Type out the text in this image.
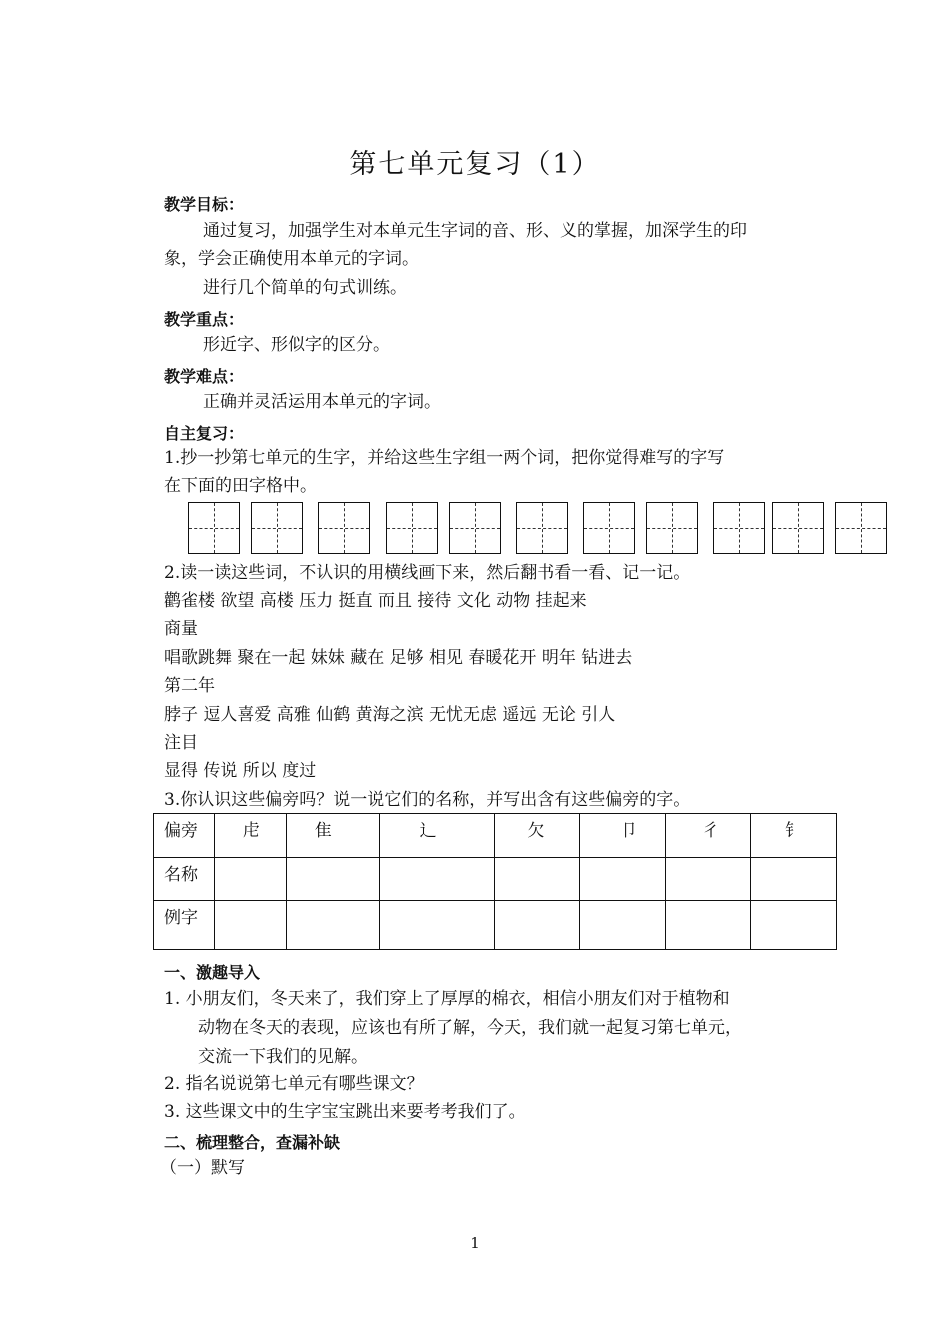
第七单元复习（1）
教学目标：
通过复习，加强学生对本单元生字词的音、形、义的掌握，加深学生的印
象，学会正确使用本单元的字词。
进行几个简单的句式训练。
教学重点：
形近字、形似字的区分。
教学难点：
正确并灵活运用本单元的字词。
自主复习：
1.抄一抄第七单元的生字，并给这些生字组一两个词，把你觉得难写的字写
在下面的田字格中。
2.读一读这些词，不认识的用横线画下来，然后翻书看一看、记一记。
鹳雀楼 欲望 高楼 压力 挺直 而且 接待 文化 动物 挂起来
商量
唱歌跳舞 聚在一起 妹妹 藏在 足够 相见 春暖花开 明年 钻进去
第二年
脖子 逗人喜爱 高雅 仙鹤 黄海之滨 无忧无虑 遥远 无论 引人
注目
显得 传说 所以 度过
3.你认识这些偏旁吗？说一说它们的名称，并写出含有这些偏旁的字。
偏旁	虍	隹	辶	欠	卩	彳	钅
名称							
例字							
一、激趣导入
1. 小朋友们，冬天来了，我们穿上了厚厚的棉衣，相信小朋友们对于植物和
动物在冬天的表现，应该也有所了解，今天，我们就一起复习第七单元，
交流一下我们的见解。
2. 指名说说第七单元有哪些课文？
3. 这些课文中的生字宝宝跳出来要考考我们了。
二、梳理整合，查漏补缺
（一）默写
1
